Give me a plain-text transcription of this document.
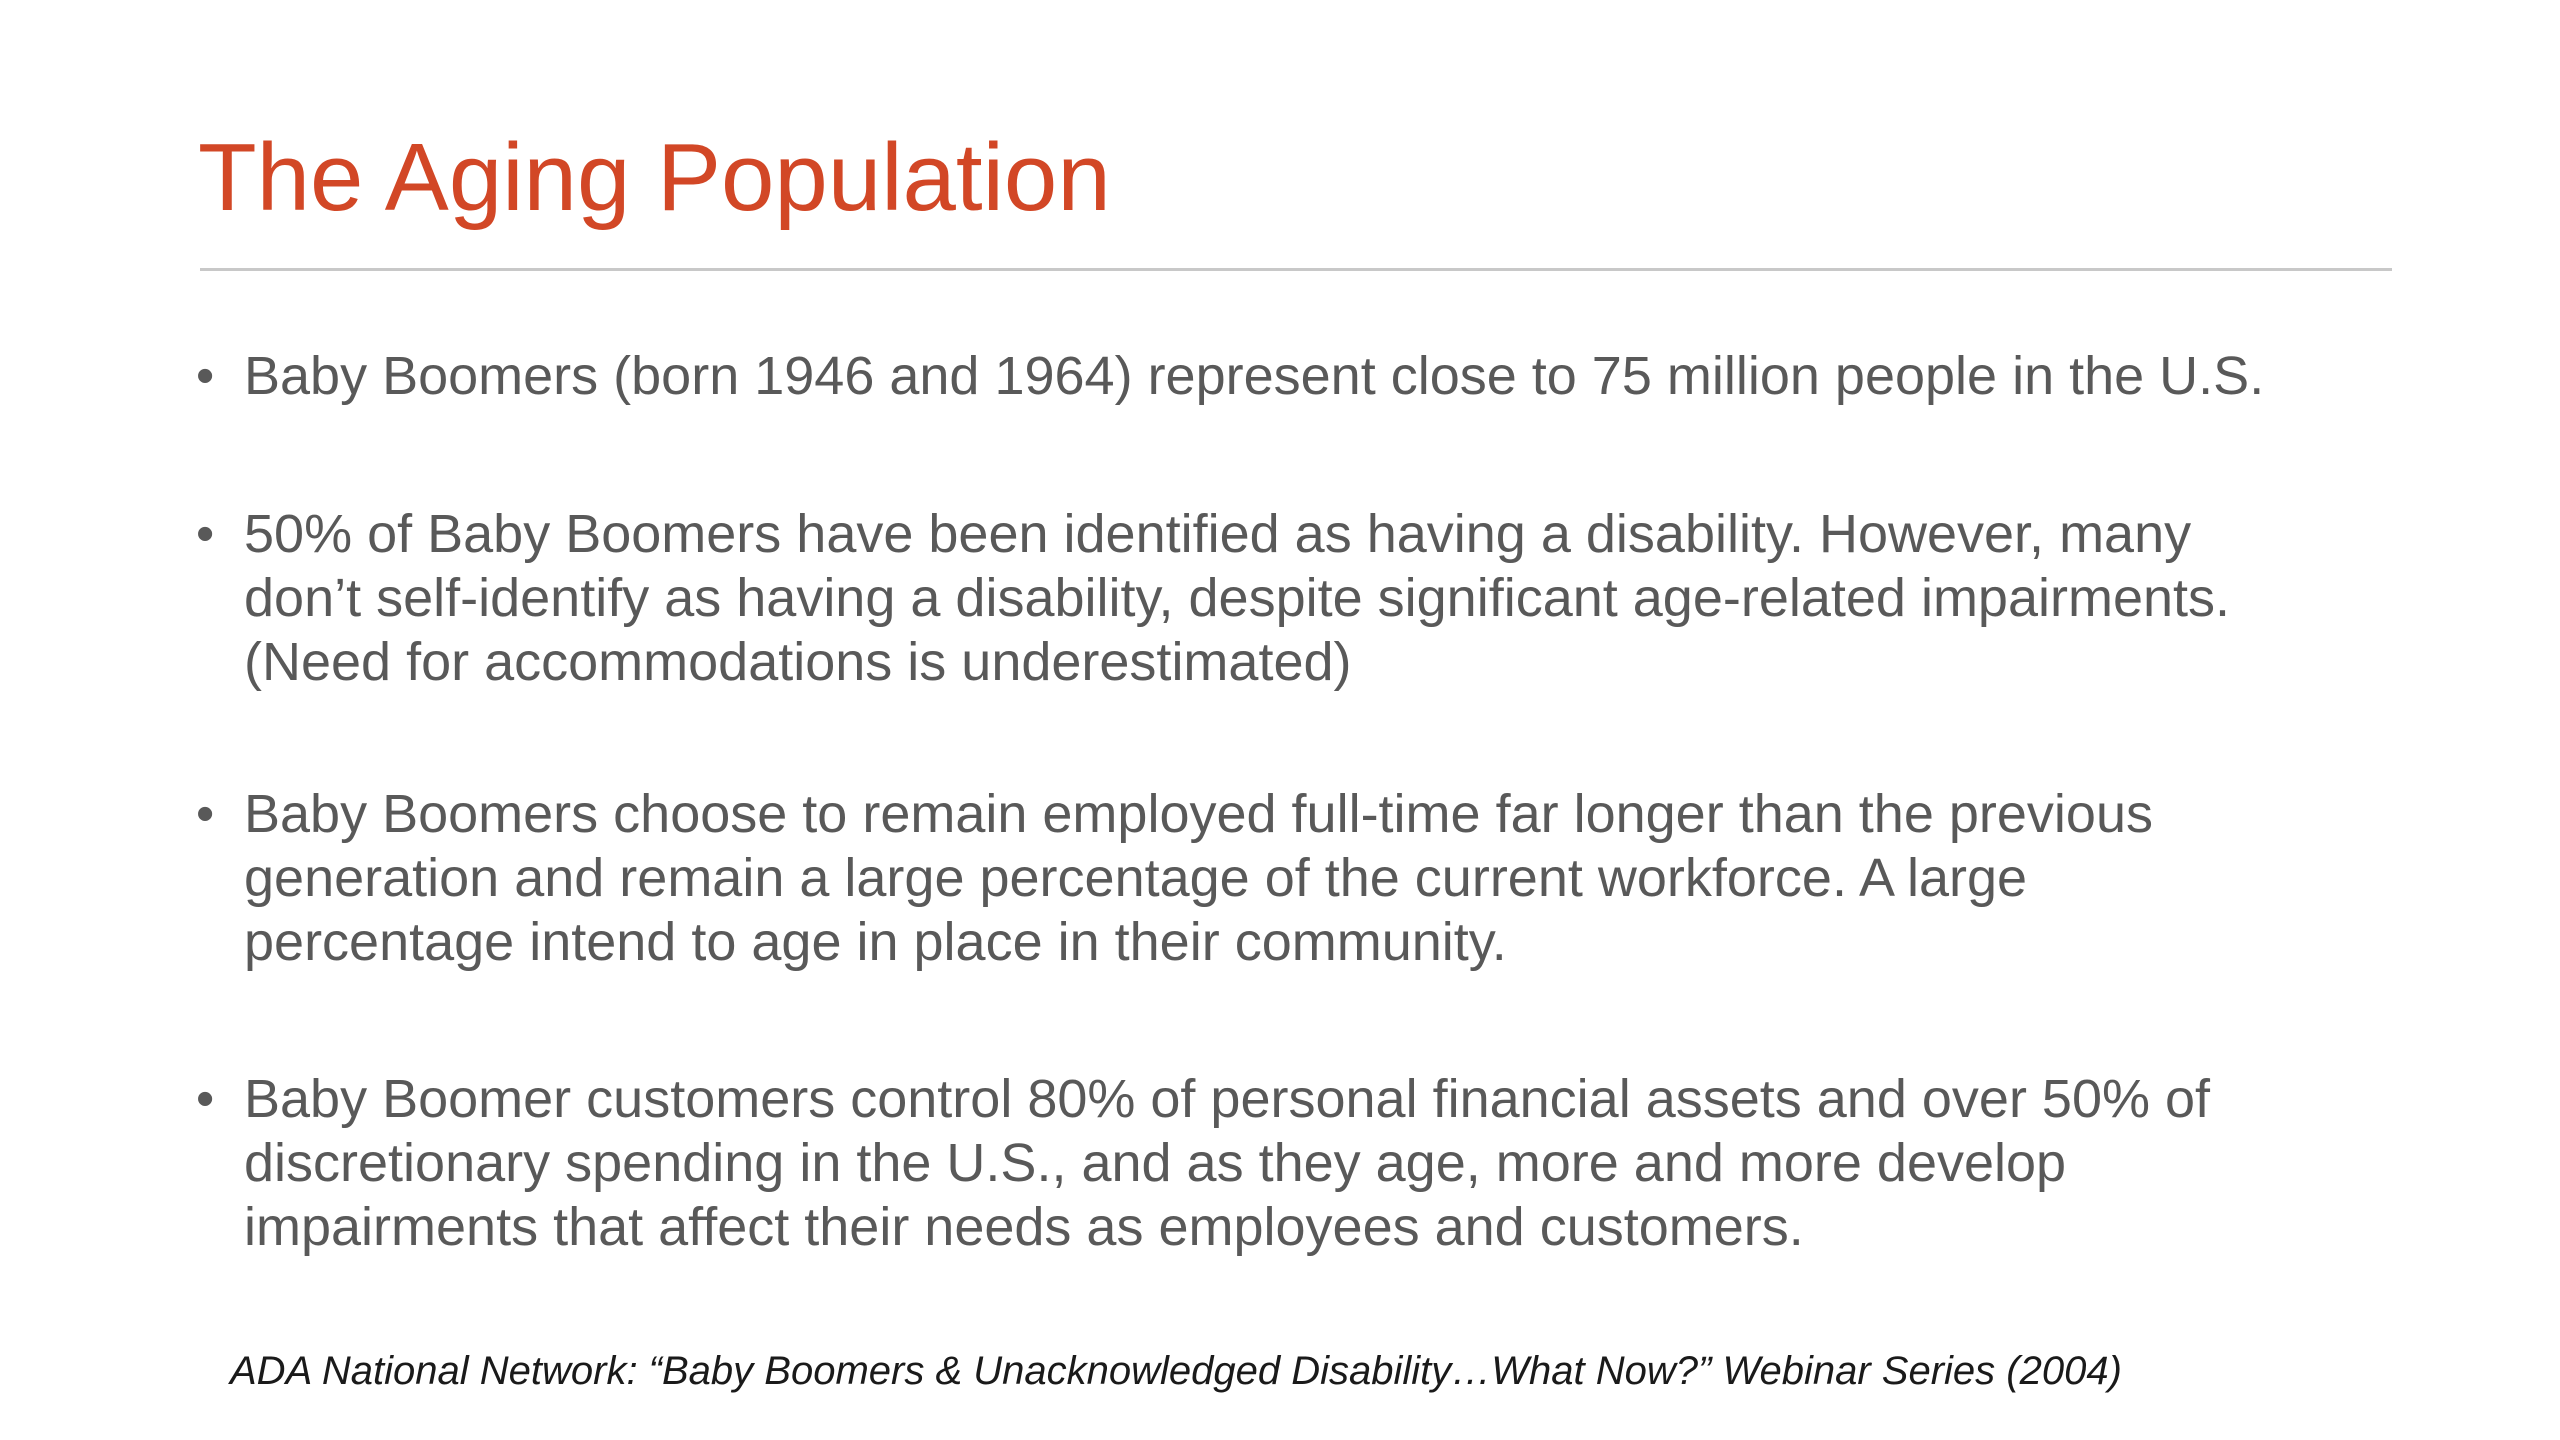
The Aging Population
• Baby Boomers (born 1946 and 1964) represent close to 75 million people in the U.S.
• 50% of Baby Boomers have been identified as having a disability. However, many
don’t self-identify as having a disability, despite significant age-related impairments.
(Need for accommodations is underestimated)
• Baby Boomers choose to remain employed full-time far longer than the previous
generation and remain a large percentage of the current workforce. A large
percentage intend to age in place in their community.
• Baby Boomer customers control 80% of personal financial assets and over 50% of
discretionary spending in the U.S., and as they age, more and more develop
impairments that affect their needs as employees and customers.
ADA National Network: “Baby Boomers & Unacknowledged Disability…What Now?” Webinar Series (2004)
